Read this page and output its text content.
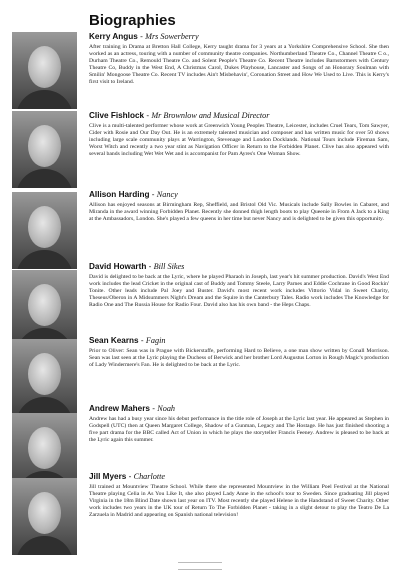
Biographies
Kerry Angus - Mrs Sowerberry

After training in Drama at Bretton Hall College, Kerry taught drama for 3 years at a Yorkshire Comprehensive School. She then worked as an actress, touring with a number of community theatre companies. Northumberland Theatre Co., Channel Theatre C o., Durham Theatre Co., Remould Theatre Co. and Solent People's Theatre Co. Recent Theatre includes Barnstormers with Century Theatre Co, Buddy in the West End, A Christmas Carol, Dukes Playhouse, Lancaster and Songs of an Honorary Soulman with Smilin' Mongoose Theatre Co. Recent TV includes Ain't Misbehavin', Coronation Street and How We Used to Live. This is Kerry's first visit to Ireland.

Clive Fishlock - Mr Brownlow and Musical Director

Clive is a multi-talented performer whose work at Greenwich Young Peoples Theatre, Leicester, includes Cruel Tears, Tom Sawyer, Cider with Rosie and Our Day Out. He is an extremely talented musician and composer and has written music for over 50 shows including large scale community plays at Warrington, Stevenage and London Docklands. National Tours include Fireman Sam, Worst Witch and recently a two year stint as Navigation Officer in Return to the Forbidden Planet. Clive has also appeared with several bands including Wet Wet Wet and is accompanist for Pam Ayres's One Woman Show.

Allison Harding - Nancy

Allison has enjoyed seasons at Birmingham Rep, Sheffield, and Bristol Old Vic. Musicals include Sally Bowles in Cabaret, and Miranda in the award winning Forbidden Planet. Recently she donned thigh length boots to play Queenie in From A Jack to a King at the Ambassadors, London. She's played a few queens in her time but never Nancy and is delighted to be given this opportunity.

David Howarth - Bill Sikes

David is delighted to be back at the Lyric, where he played Pharaoh in Joseph, last year's hit summer production. David's West End work includes the lead Cricket in the original cast of Buddy and Tommy Steele, Larry Parnes and Eddie Cochrane in Good Rockin' Tonite. Other leads include Pal Joey and Buster. David's most recent work includes Vittorio Vidal in Sweet Charity, Theseus/Oberon in A Midsummers Night's Dream and the Squire in the Canterbury Tales. Radio work includes The Knowledge for Radio One and The Russia House for Radio Four. David also has his own band - the Heps Chaps.

Sean Kearns - Fagin

Prior to Oliver: Sean was in Prague with Bickerstaffe, performing Hard to Believe, a one man show written by Conall Morrison. Sean was last seen at the Lyric playing the Duchess of Berwick and her brother Lord Augustus Lorton in Rough Magic's production of Lady Windermere's Fan. He is delighted to be back at the Lyric.

Andrew Mahers - Noah

Andrew has had a busy year since his debut performance in the title role of Joseph at the Lyric last year. He appeared as Stephen in Godspell (UTC) then at Queen Margaret College, Shadow of a Gunman, Legacy and The Hostage. He has just finished shooting a five part drama for the BBC called Act of Union in which he plays the storyteller Francis Feeney. Andrew is pleased to be back at the Lyric again this summer.

Jill Myers - Charlotte

Jill trained at Mountview Theatre School. While there she represented Mountview in the William Poel Festival at the National Theatre playing Celia in As You Like It, she also played Lady Anne in the school's tour to Sweden. Since graduating Jill played Virginia in the 18m Blind Date shown last year on ITV. Most recently she played Helene in the Handstand of Sweet Charity. Other work includes two years in the UK tour of Return To The Forbidden Planet - taking in a slight detour to play the Teatro De La Zarzuela in Madrid and appearing on Spanish national television!
